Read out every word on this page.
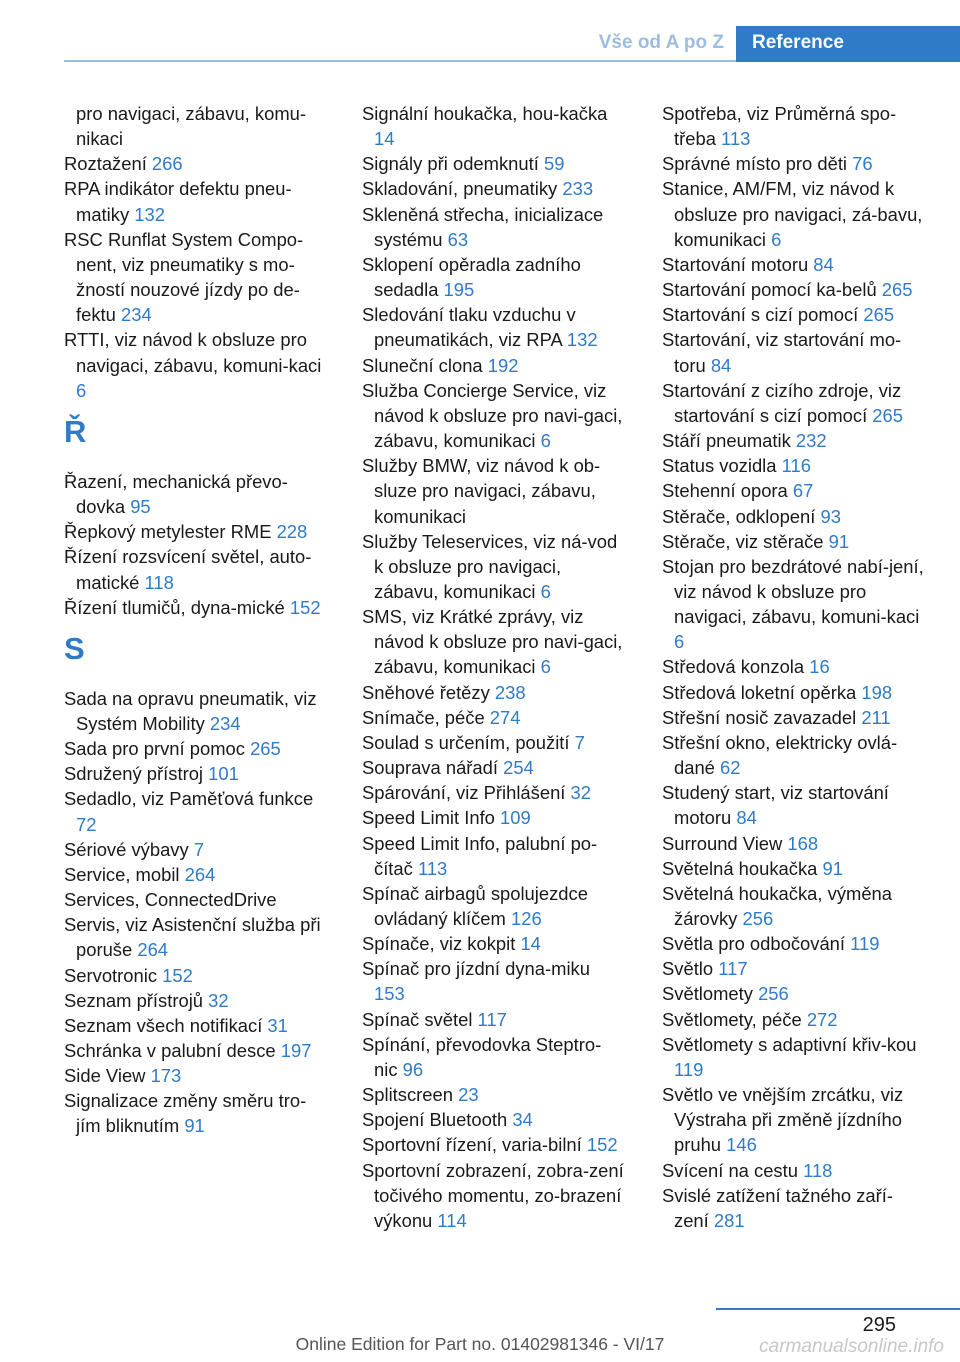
Vše od A po Z	Reference

pro navigaci, zábavu, komu‐nikaci

Roztažení 266

RPA indikátor defektu pneu‐matiky 132

RSC Runflat System Compo‐nent, viz pneumatiky s mo‐žností nouzové jízdy po de‐fektu 234

RTTI, viz návod k obsluze pro navigaci, zábavu, komuni‐kaci 6

Ř

Řazení, mechanická převo‐dovka 95

Řepkový metylester RME 228

Řízení rozsvícení světel, auto‐matické 118

Řízení tlumičů, dyna‐mické 152

S

Sada na opravu pneumatik, viz Systém Mobility 234

Sada pro první pomoc 265

Sdružený přístroj 101

Sedadlo, viz Paměťová funkce 72

Sériové výbavy 7

Service, mobil 264

Services, ConnectedDrive

Servis, viz Asistenční služba při poruše 264

Servotronic 152

Seznam přístrojů 32

Seznam všech notifikací 31

Schránka v palubní desce 197

Side View 173

Signalizace změny směru tro‐jím bliknutím 91

Signální houkačka, hou‐kačka 14

Signály při odemknutí 59

Skladování, pneumatiky 233

Skleněná střecha, inicializace systému 63

Sklopení opěradla zadního sedadla 195

Sledování tlaku vzduchu v pneumatikách, viz RPA 132

Sluneční clona 192

Služba Concierge Service, viz návod k obsluze pro navi‐gaci, zábavu, komunikaci 6

Služby BMW, viz návod k ob‐sluze pro navigaci, zábavu, komunikaci

Služby Teleservices, viz ná‐vod k obsluze pro navigaci, zábavu, komunikaci 6

SMS, viz Krátké zprávy, viz návod k obsluze pro navi‐gaci, zábavu, komunikaci 6

Sněhové řetězy 238

Snímače, péče 274

Soulad s určením, použití 7

Souprava nářadí 254

Spárování, viz Přihlášení 32

Speed Limit Info 109

Speed Limit Info, palubní po‐čítač 113

Spínač airbagů spolujezdce ovládaný klíčem 126

Spínače, viz kokpit 14

Spínač pro jízdní dyna‐miku 153

Spínač světel 117

Spínání, převodovka Steptro‐nic 96

Splitscreen 23

Spojení Bluetooth 34

Sportovní řízení, varia‐bilní 152

Sportovní zobrazení, zobra‐zení točivého momentu, zo‐brazení výkonu 114

Spotřeba, viz Průměrná spo‐třeba 113

Správné místo pro děti 76

Stanice, AM/FM, viz návod k obsluze pro navigaci, zá‐bavu, komunikaci 6

Startování motoru 84

Startování pomocí ka‐belů 265

Startování s cizí pomocí 265

Startování, viz startování mo‐toru 84

Startování z cizího zdroje, viz startování s cizí pomocí 265

Stáří pneumatik 232

Status vozidla 116

Stehenní opora 67

Stěrače, odklopení 93

Stěrače, viz stěrače 91

Stojan pro bezdrátové nabí‐jení, viz návod k obsluze pro navigaci, zábavu, komuni‐kaci 6

Středová konzola 16

Středová loketní opěrka 198

Střešní nosič zavazadel 211

Střešní okno, elektricky ovlá‐dané 62

Studený start, viz startování motoru 84

Surround View 168

Světelná houkačka 91

Světelná houkačka, výměna žárovky 256

Světla pro odbočování 119

Světlo 117

Světlomety 256

Světlomety, péče 272

Světlomety s adaptivní křiv‐kou 119

Světlo ve vnějším zrcátku, viz Výstraha při změně jízdního pruhu 146

Svícení na cestu 118

Svislé zatížení tažného zaří‐zení 281

295
Online Edition for Part no. 01402981346 - VI/17	carmanualsonline.info
